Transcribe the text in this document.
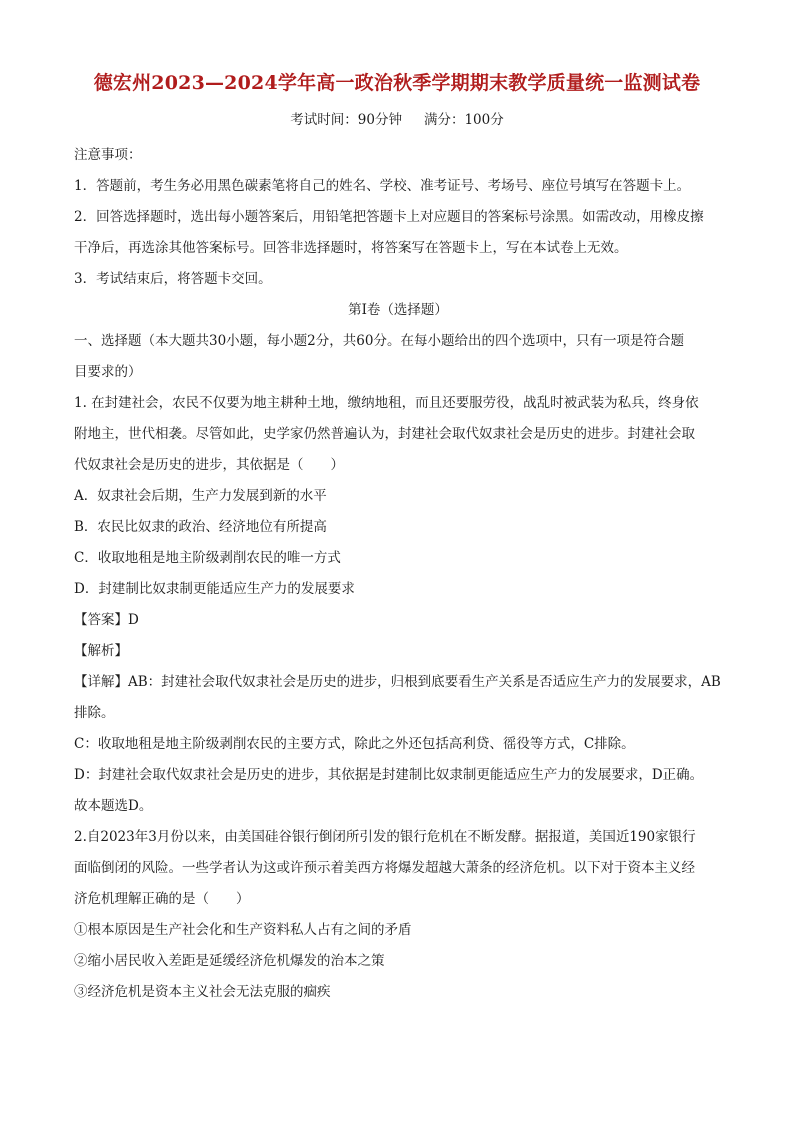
德宏州2023—2024学年高一政治秋季学期期末教学质量统一监测试卷
考试时间：90分钟 满分：100分

注意事项：

1．答题前，考生务必用黑色碳素笔将自己的姓名、学校、准考证号、考场号、座位号填写在答题卡上。

2．回答选择题时，选出每小题答案后，用铅笔把答题卡上对应题目的答案标号涂黑。如需改动，用橡皮擦

干净后，再选涂其他答案标号。回答非选择题时，将答案写在答题卡上，写在本试卷上无效。

3．考试结束后，将答题卡交回。

第Ⅰ卷（选择题）

一、选择题（本大题共30小题，每小题2分，共60分。在每小题给出的四个选项中，只有一项是符合题

目要求的）

1. 在封建社会，农民不仅要为地主耕种土地，缴纳地租，而且还要服劳役，战乱时被武装为私兵，终身依

附地主，世代相袭。尽管如此，史学家仍然普遍认为，封建社会取代奴隶社会是历史的进步。封建社会取

代奴隶社会是历史的进步，其依据是（　　）

A．奴隶社会后期，生产力发展到新的水平

B．农民比奴隶的政治、经济地位有所提高

C．收取地租是地主阶级剥削农民的唯一方式

D．封建制比奴隶制更能适应生产力的发展要求

【答案】D

【解析】

【详解】AB：封建社会取代奴隶社会是历史的进步，归根到底要看生产关系是否适应生产力的发展要求，AB

排除。

C：收取地租是地主阶级剥削农民的主要方式，除此之外还包括高利贷、徭役等方式，C排除。

D：封建社会取代奴隶社会是历史的进步，其依据是封建制比奴隶制更能适应生产力的发展要求，D正确。

故本题选D。

2.自2023年3月份以来，由美国硅谷银行倒闭所引发的银行危机在不断发酵。据报道，美国近190家银行

面临倒闭的风险。一些学者认为这或许预示着美西方将爆发超越大萧条的经济危机。以下对于资本主义经

济危机理解正确的是（　　）

①根本原因是生产社会化和生产资料私人占有之间的矛盾

②缩小居民收入差距是延缓经济危机爆发的治本之策

③经济危机是资本主义社会无法克服的痼疾
